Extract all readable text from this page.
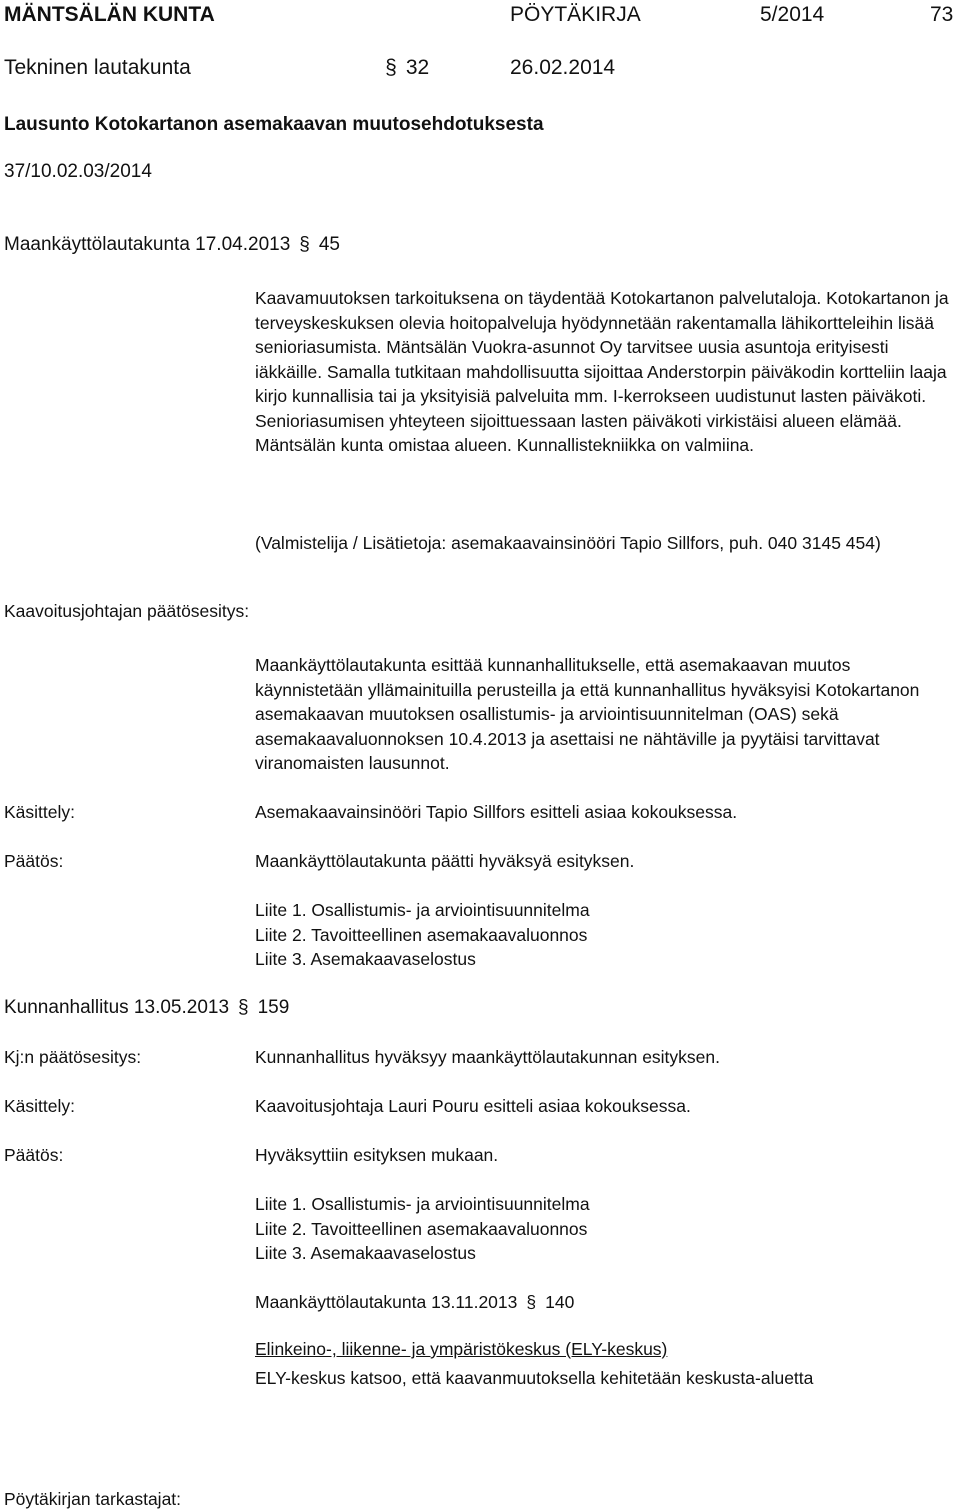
MÄNTSÄLÄN KUNTA	PÖYTÄKIRJA	5/2014	73
Tekninen lautakunta	§ 32	26.02.2014
Lausunto Kotokartanon asemakaavan muutosehdotuksesta
37/10.02.03/2014
Maankäyttölautakunta 17.04.2013 § 45

Kaavamuutoksen tarkoituksena on täydentää Kotokartanon palvelutaloja. Kotokartanon ja terveyskeskuksen olevia hoitopalveluja hyödynnetään rakentamalla lähikortteleihin lisää senioriasumista. Mäntsälän Vuokra-asunnot Oy tarvitsee uusia asuntoja erityisesti iäkkäille. Samalla tutkitaan mahdollisuutta sijoittaa Anderstorpin päiväkodin kortteliin laaja kirjo kunnallisia tai ja yksityisiä palveluita mm. I-kerrokseen uudistunut lasten päiväkoti. Senioriasumisen yhteyteen sijoittuessaan lasten päiväkoti virkistäisi alueen elämää. Mäntsälän kunta omistaa alueen. Kunnallistekniikka on valmiina.

(Valmistelija / Lisätietoja: asemakaavainsinööri Tapio Sillfors, puh. 040 3145 454)

Kaavoitusjohtajan päätösesitys:

Maankäyttölautakunta esittää kunnanhallitukselle, että asemakaavan muutos käynnistetään yllämainituilla perusteilla ja että kunnanhallitus hyväksyisi Kotokartanon asemakaavan muutoksen osallistumis- ja arviointisuunnitelman (OAS) sekä asemakaavaluonnoksen 10.4.2013 ja asettaisi ne nähtäville ja pyytäisi tarvittavat viranomaisten lausunnot.

Käsittely:	Asemakaavainsinööri Tapio Sillfors esitteli asiaa kokouksessa.
Päätös:	Maankäyttölautakunta päätti hyväksyä esityksen.
Liite 1. Osallistumis- ja arviointisuunnitelma
Liite 2. Tavoitteellinen asemakaavaluonnos
Liite 3. Asemakaavaselostus
Kunnanhallitus 13.05.2013 § 159
Kj:n päätösesitys:	Kunnanhallitus hyväksyy maankäyttölautakunnan esityksen.
Käsittely:	Kaavoitusjohtaja Lauri Pouru esitteli asiaa kokouksessa.
Päätös:	Hyväksyttiin esityksen mukaan.
Liite 1. Osallistumis- ja arviointisuunnitelma
Liite 2. Tavoitteellinen asemakaavaluonnos
Liite 3. Asemakaavaselostus
Maankäyttölautakunta 13.11.2013 § 140
Elinkeino-, liikenne- ja ympäristökeskus (ELY-keskus)
ELY-keskus katsoo, että kaavanmuutoksella kehitetään keskusta-aluetta
Pöytäkirjan tarkastajat:
